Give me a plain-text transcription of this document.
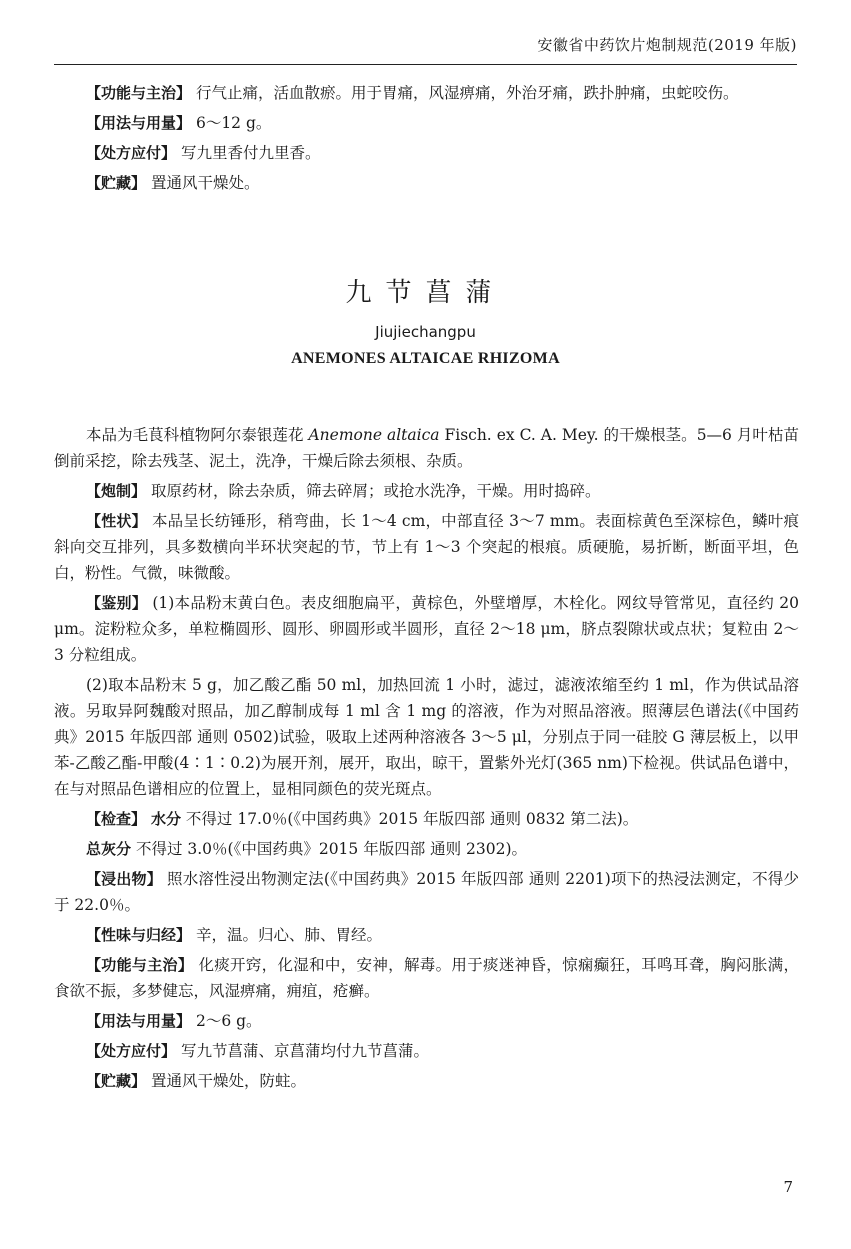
安徽省中药饮片炮制规范(2019 年版)

【功能与主治】 行气止痛，活血散瘀。用于胃痛，风湿痹痛，外治牙痛，跌扑肿痛，虫蛇咬伤。

【用法与用量】 6～12 g。

【处方应付】 写九里香付九里香。

【贮藏】 置通风干燥处。

九节菖蒲
Jiujiechangpu
ANEMONES ALTAICAE RHIZOMA

本品为毛茛科植物阿尔泰银莲花 Anemone altaica Fisch. ex C. A. Mey. 的干燥根茎。5—6 月叶枯苗倒前采挖，除去残茎、泥土，洗净，干燥后除去须根、杂质。

【炮制】 取原药材，除去杂质，筛去碎屑；或抢水洗净，干燥。用时捣碎。

【性状】 本品呈长纺锤形，稍弯曲，长 1～4 cm，中部直径 3～7 mm。表面棕黄色至深棕色，鳞叶痕斜向交互排列，具多数横向半环状突起的节，节上有 1～3 个突起的根痕。质硬脆，易折断，断面平坦，色白，粉性。气微，味微酸。

【鉴别】 (1)本品粉末黄白色。表皮细胞扁平，黄棕色，外壁增厚，木栓化。网纹导管常见，直径约 20 μm。淀粉粒众多，单粒椭圆形、圆形、卵圆形或半圆形，直径 2～18 μm，脐点裂隙状或点状；复粒由 2～3 分粒组成。

(2)取本品粉末 5 g，加乙酸乙酯 50 ml，加热回流 1 小时，滤过，滤液浓缩至约 1 ml，作为供试品溶液。另取异阿魏酸对照品，加乙醇制成每 1 ml 含 1 mg 的溶液，作为对照品溶液。照薄层色谱法(《中国药典》2015 年版四部 通则 0502)试验，吸取上述两种溶液各 3～5 μl，分别点于同一硅胶 G 薄层板上，以甲苯-乙酸乙酯-甲酸(4∶1∶0.2)为展开剂，展开，取出，晾干，置紫外光灯(365 nm)下检视。供试品色谱中，在与对照品色谱相应的位置上，显相同颜色的荧光斑点。

【检查】 水分 不得过 17.0％(《中国药典》2015 年版四部 通则 0832 第二法)。

总灰分 不得过 3.0％(《中国药典》2015 年版四部 通则 2302)。

【浸出物】 照水溶性浸出物测定法(《中国药典》2015 年版四部 通则 2201)项下的热浸法测定，不得少于 22.0％。

【性味与归经】 辛，温。归心、肺、胃经。

【功能与主治】 化痰开窍，化湿和中，安神，解毒。用于痰迷神昏，惊痫癫狂，耳鸣耳聋，胸闷胀满，食欲不振，多梦健忘，风湿痹痛，痈疽，疮癣。

【用法与用量】 2～6 g。

【处方应付】 写九节菖蒲、京菖蒲均付九节菖蒲。

【贮藏】 置通风干燥处，防蛀。

7
